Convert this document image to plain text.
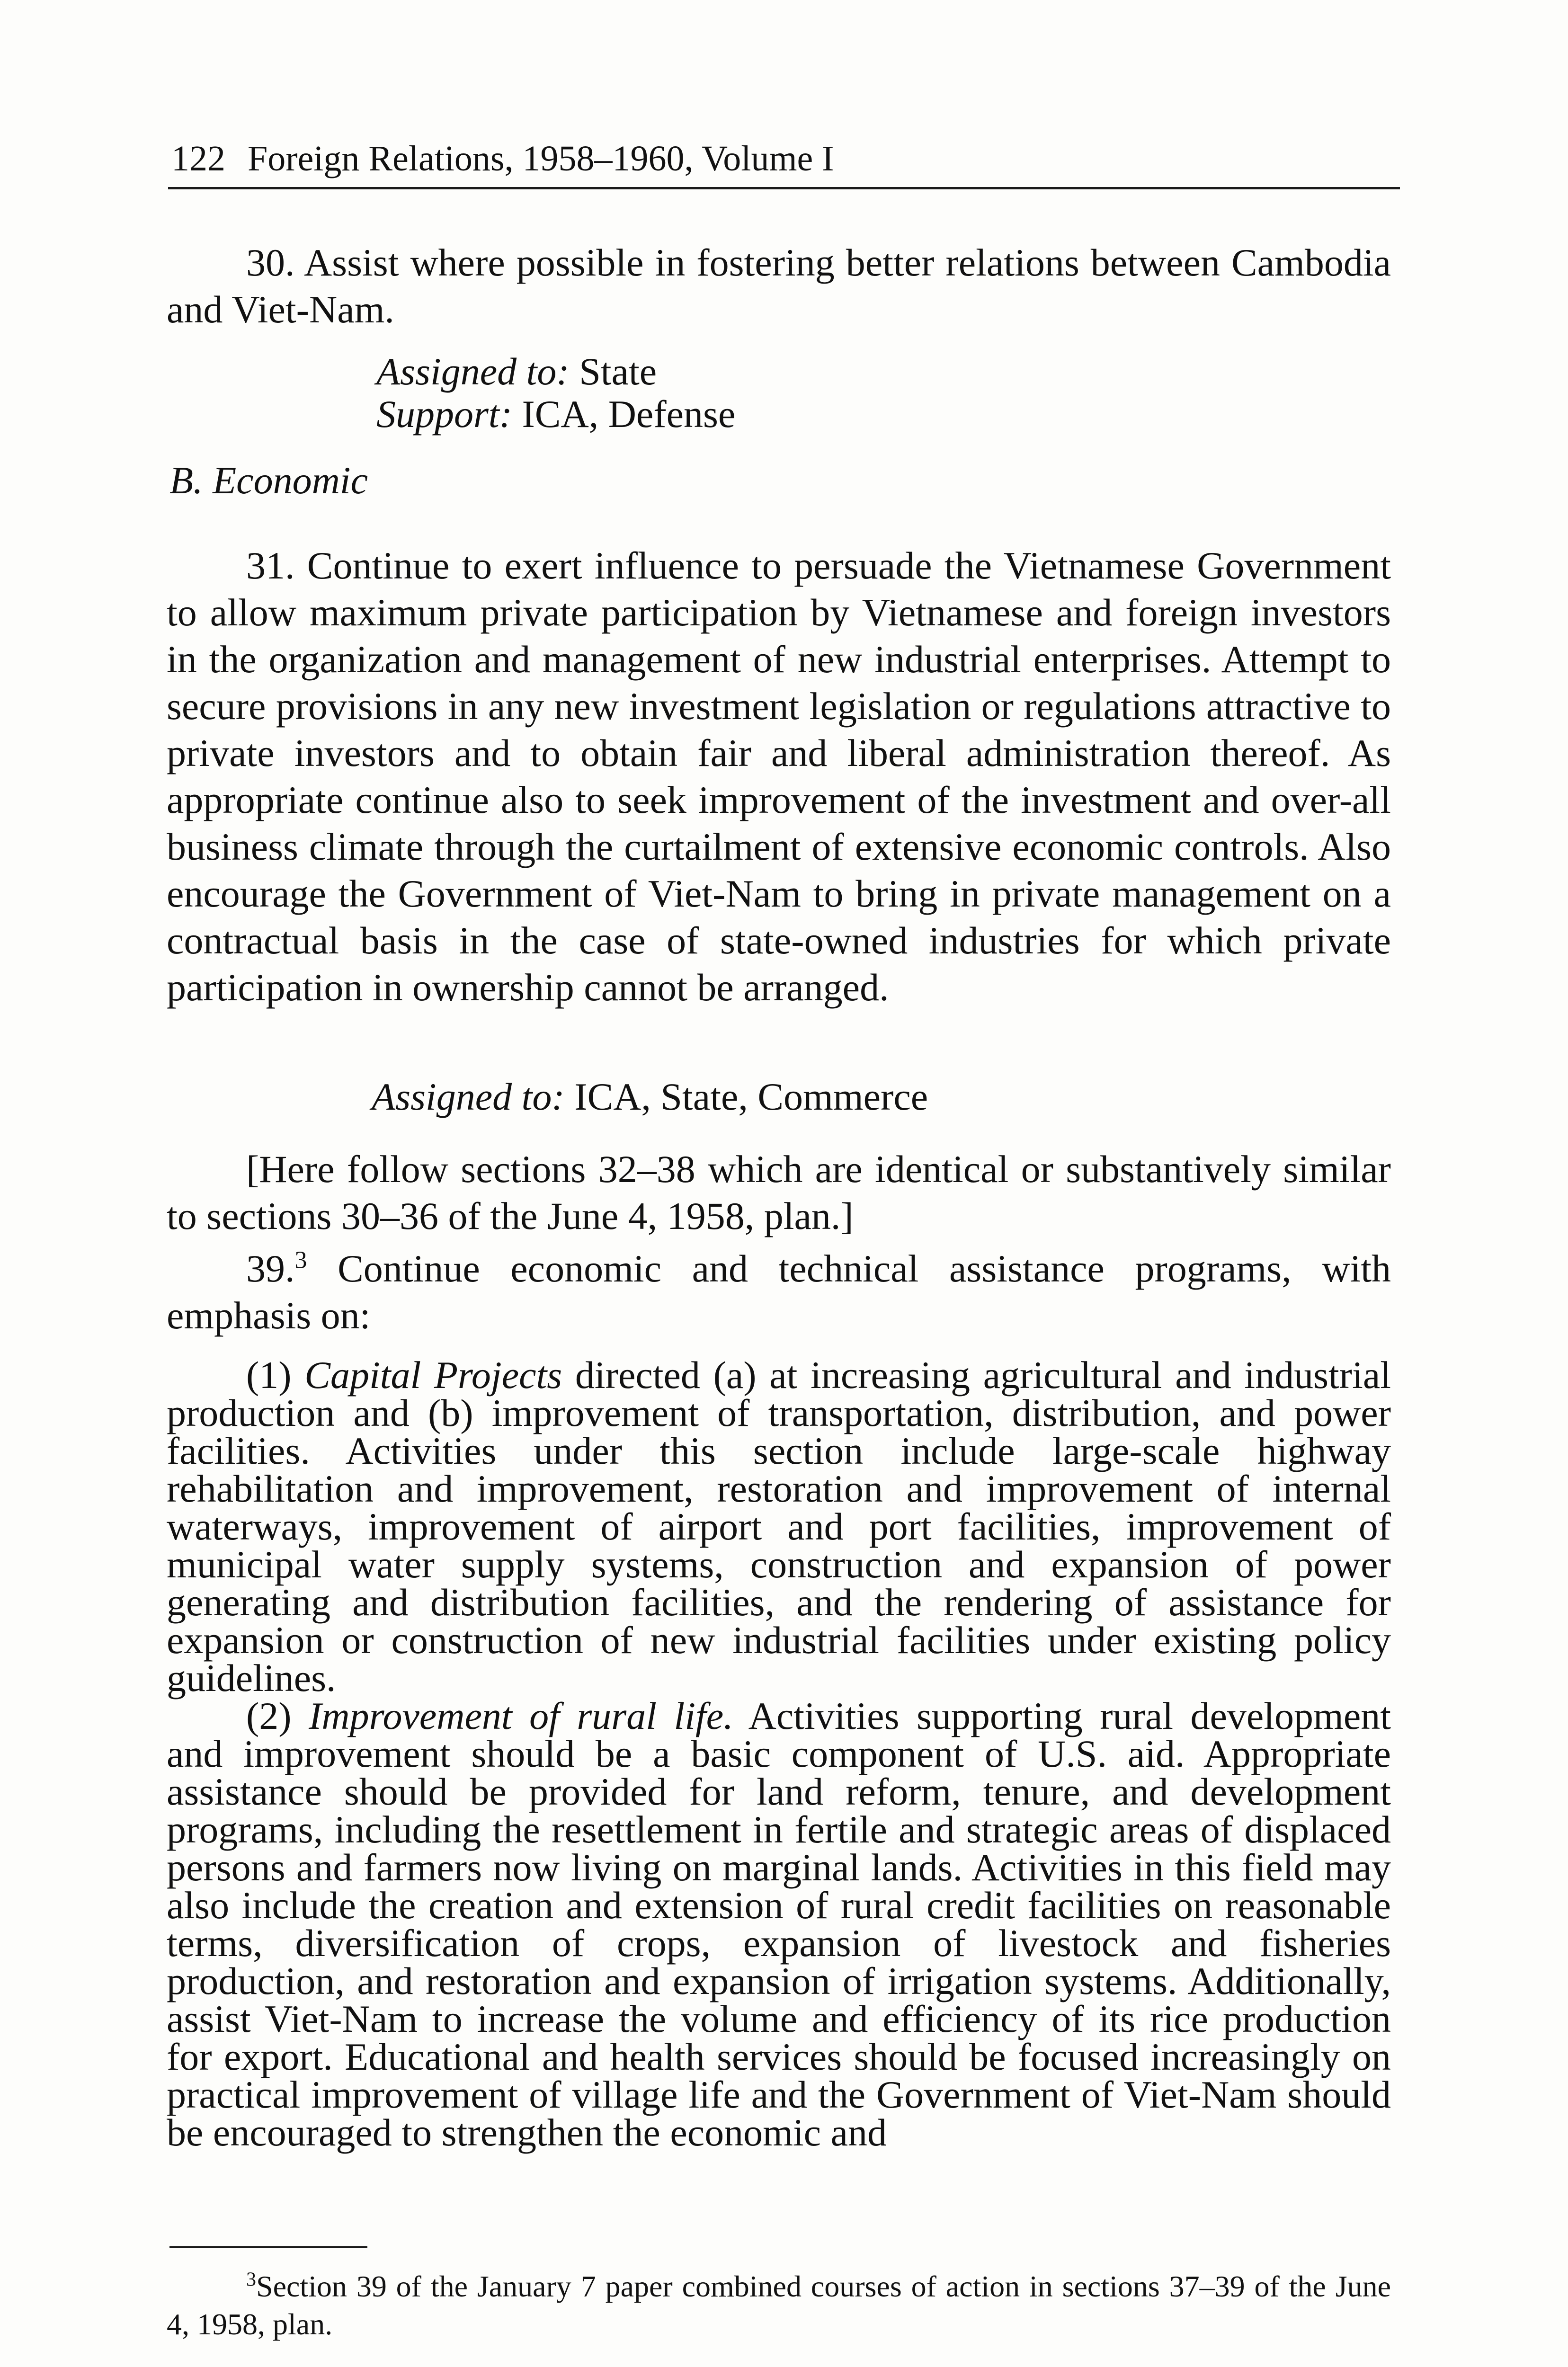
122 Foreign Relations, 1958–1960, Volume I

30. Assist where possible in fostering better relations between Cambodia and Viet-Nam.

Assigned to: State
Support: ICA, Defense
B. Economic

31. Continue to exert influence to persuade the Vietnamese Government to allow maximum private participation by Vietnamese and foreign investors in the organization and management of new industrial enterprises. Attempt to secure provisions in any new investment legislation or regulations attractive to private investors and to obtain fair and liberal administration thereof. As appropriate continue also to seek improvement of the investment and over-all business climate through the curtailment of extensive economic controls. Also encourage the Government of Viet-Nam to bring in private management on a contractual basis in the case of state-owned industries for which private participation in ownership cannot be arranged.

Assigned to: ICA, State, Commerce

[Here follow sections 32–38 which are identical or substantively similar to sections 30–36 of the June 4, 1958, plan.]

39.$^3$ Continue economic and technical assistance programs, with emphasis on:

(1) Capital Projects directed (a) at increasing agricultural and industrial production and (b) improvement of transportation, distribution, and power facilities. Activities under this section include large-scale highway rehabilitation and improvement, restoration and improvement of internal waterways, improvement of airport and port facilities, improvement of municipal water supply systems, construction and expansion of power generating and distribution facilities, and the rendering of assistance for expansion or construction of new industrial facilities under existing policy guidelines.

(2) Improvement of rural life. Activities supporting rural development and improvement should be a basic component of U.S. aid. Appropriate assistance should be provided for land reform, tenure, and development programs, including the resettlement in fertile and strategic areas of displaced persons and farmers now living on marginal lands. Activities in this field may also include the creation and extension of rural credit facilities on reasonable terms, diversification of crops, expansion of livestock and fisheries production, and restoration and expansion of irrigation systems. Additionally, assist Viet-Nam to increase the volume and efficiency of its rice production for export. Educational and health services should be focused increasingly on practical improvement of village life and the Government of Viet-Nam should be encouraged to strengthen the economic and

$^3$Section 39 of the January 7 paper combined courses of action in sections 37–39 of the June 4, 1958, plan.
